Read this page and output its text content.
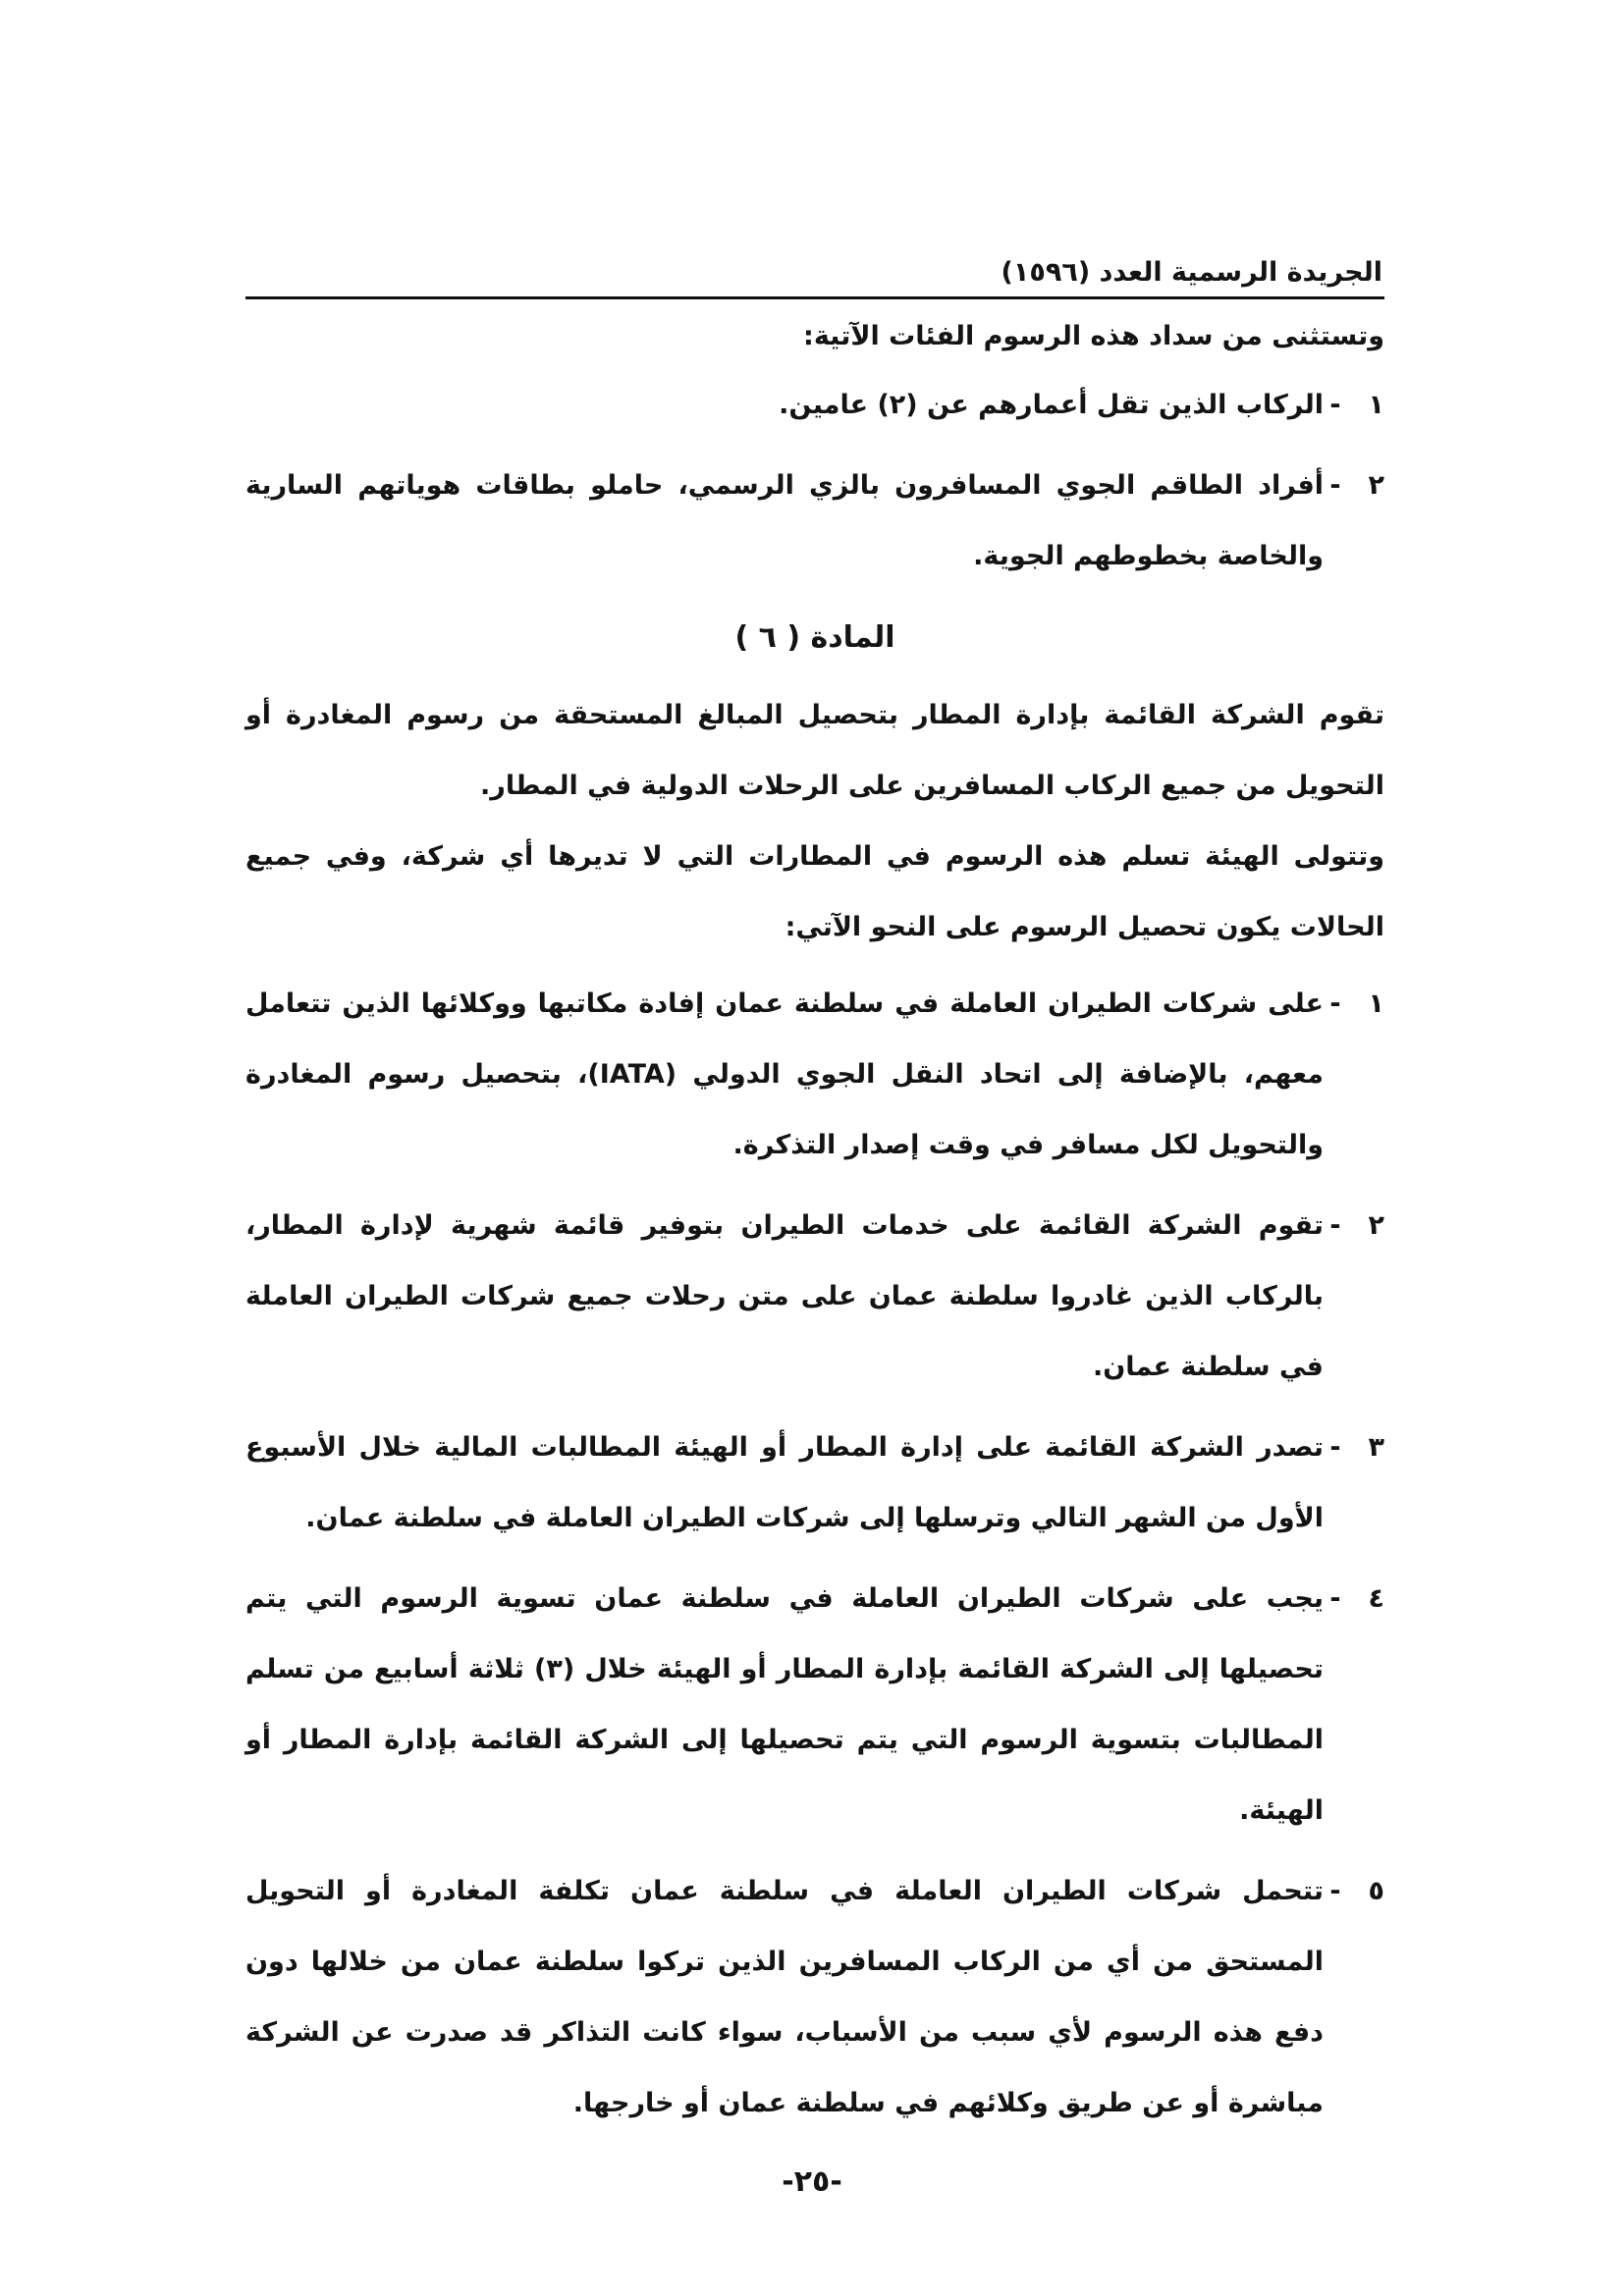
الجريدة الرسمية العدد (١٥٩٦)
وتستثنى من سداد هذه الرسوم الفئات الآتية:
١
-
الركاب الذين تقل أعمارهم عن (٢) عامين.
٢
-
أفراد الطاقم الجوي المسافرون بالزي الرسمي، حاملو بطاقات هوياتهم السارية والخاصة بخطوطهم الجوية.
المادة ( ٦ )
تقوم الشركة القائمة بإدارة المطار بتحصيل المبالغ المستحقة من رسوم المغادرة أو التحويل من جميع الركاب المسافرين على الرحلات الدولية في المطار.
وتتولى الهيئة تسلم هذه الرسوم في المطارات التي لا تديرها أي شركة، وفي جميع الحالات يكون تحصيل الرسوم على النحو الآتي:
١
-
على شركات الطيران العاملة في سلطنة عمان إفادة مكاتبها ووكلائها الذين تتعامل معهم، بالإضافة إلى اتحاد النقل الجوي الدولي (IATA)، بتحصيل رسوم المغادرة والتحويل لكل مسافر في وقت إصدار التذكرة.
٢
-
تقوم الشركة القائمة على خدمات الطيران بتوفير قائمة شهرية لإدارة المطار، بالركاب الذين غادروا سلطنة عمان على متن رحلات جميع شركات الطيران العاملة في سلطنة عمان.
٣
-
تصدر الشركة القائمة على إدارة المطار أو الهيئة المطالبات المالية خلال الأسبوع الأول من الشهر التالي وترسلها إلى شركات الطيران العاملة في سلطنة عمان.
٤
-
يجب على شركات الطيران العاملة في سلطنة عمان تسوية الرسوم التي يتم تحصيلها إلى الشركة القائمة بإدارة المطار أو الهيئة خلال (٣) ثلاثة أسابيع من تسلم المطالبات بتسوية الرسوم التي يتم تحصيلها إلى الشركة القائمة بإدارة المطار أو الهيئة.
٥
-
تتحمل شركات الطيران العاملة في سلطنة عمان تكلفة المغادرة أو التحويل المستحق من أي من الركاب المسافرين الذين تركوا سلطنة عمان من خلالها دون دفع هذه الرسوم لأي سبب من الأسباب، سواء كانت التذاكر قد صدرت عن الشركة مباشرة أو عن طريق وكلائهم في سلطنة عمان أو خارجها.
-٢٥-
